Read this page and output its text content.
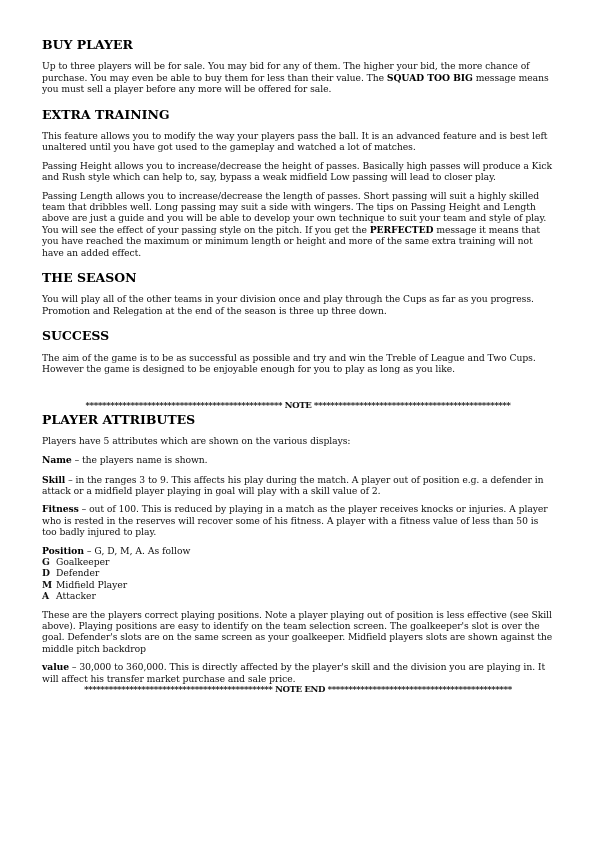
BUY PLAYER

Up to three players will be for sale. You may bid for any of them. The higher your bid, the more chance of purchase. You may even be able to buy them for less than their value. The SQUAD TOO BIG message means you must sell a player before any more will be offered for sale.

EXTRA TRAINING

This feature allows you to modify the way your players pass the ball. It is an advanced feature and is best left unaltered until you have got used to the gameplay and watched a lot of matches.

Passing Height allows you to increase/decrease the height of passes. Basically high passes will produce a Kick and Rush style which can help to, say, bypass a weak midfield Low passing will lead to closer play.

Passing Length allows you to increase/decrease the length of passes. Short passing will suit a highly skilled team that dribbles well. Long passing may suit a side with wingers. The tips on Passing Height and Length above are just a guide and you will be able to develop your own technique to suit your team and style of play. You will see the effect of your passing style on the pitch. If you get the PERFECTED message it means that you have reached the maximum or minimum length or height and more of the same extra training will not have an added effect.

THE SEASON

You will play all of the other teams in your division once and play through the Cups as far as you progress. Promotion and Relegation at the end of the season is three up three down.

SUCCESS

The aim of the game is to be as successful as possible and try and win the Treble of League and Two Cups. However the game is designed to be enjoyable enough for you to play as long as you like.

************************************************ NOTE ************************************************
PLAYER ATTRIBUTES

Players have 5 attributes which are shown on the various displays:

Name – the players name is shown.

Skill – in the ranges 3 to 9. This affects his play during the match. A player out of position e.g. a defender in attack or a midfield player playing in goal will play with a skill value of 2.

Fitness – out of 100. This is reduced by playing in a match as the player receives knocks or injuries. A player who is rested in the reserves will recover some of his fitness. A player with a fitness value of less than 50 is too badly injured to play.

Position – G, D, M, A. As follow
G Goalkeeper
D Defender
M Midfield Player
A Attacker

These are the players correct playing positions. Note a player playing out of position is less effective (see Skill above). Playing positions are easy to identify on the team selection screen. The goalkeeper's slot is over the goal. Defender's slots are on the same screen as your goalkeeper. Midfield players slots are shown against the middle pitch backdrop

value – 30,000 to 360,000. This is directly affected by the player's skill and the division you are playing in. It will affect his transfer market purchase and sale price.

********************************************** NOTE END *********************************************
